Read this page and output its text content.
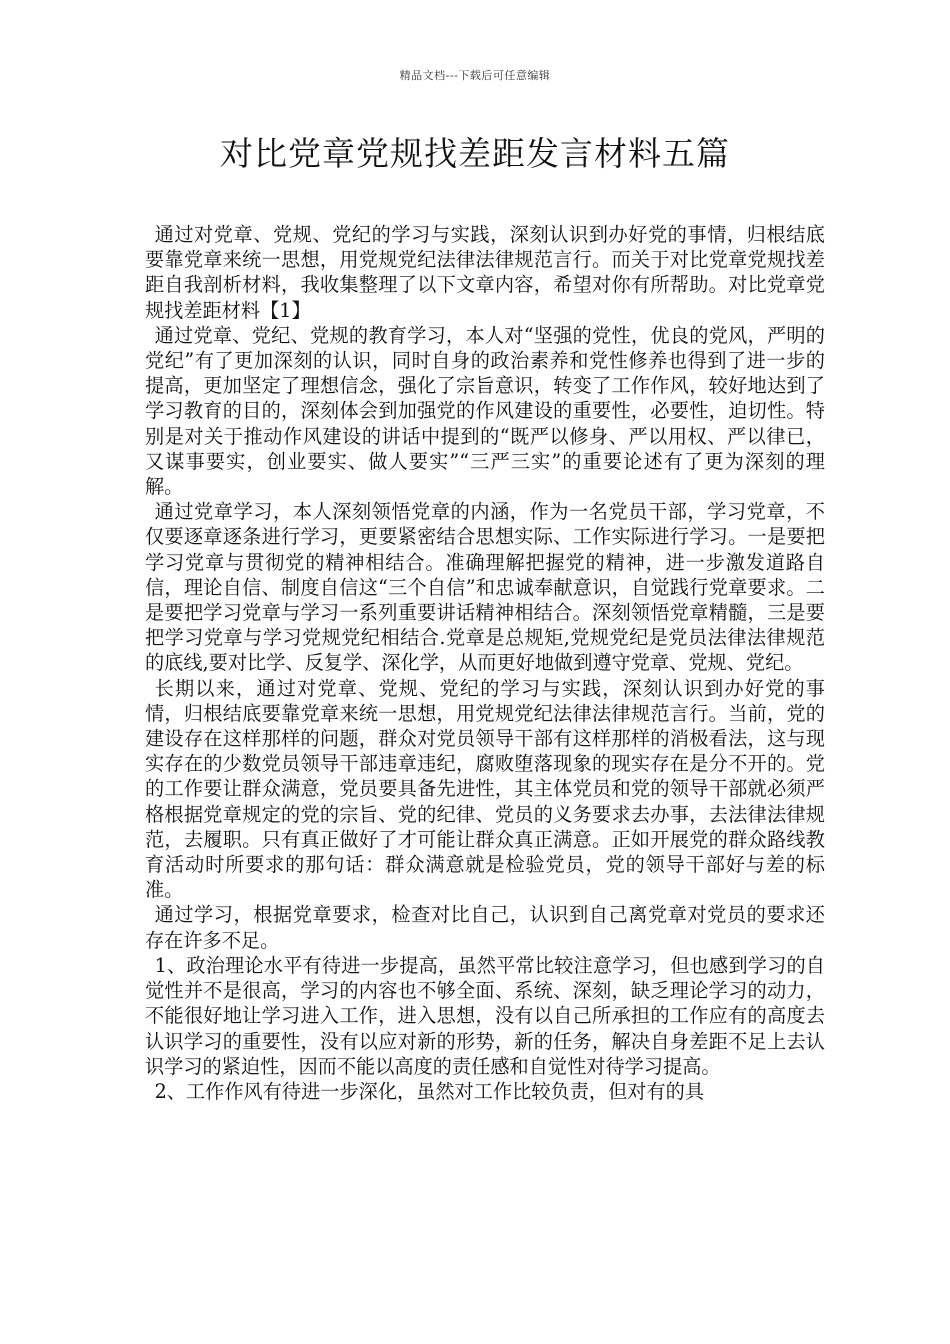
精品文档---下载后可任意编辑
对比党章党规找差距发言材料五篇

通过对党章、党规、党纪的学习与实践，深刻认识到办好党的事情，归根结底要靠党章来统一思想，用党规党纪法律法律规范言行。而关于对比党章党规找差距自我剖析材料，我收集整理了以下文章内容，希望对你有所帮助。对比党章党规找差距材料【1】

通过党章、党纪、党规的教育学习，本人对“坚强的党性，优良的党风，严明的党纪”有了更加深刻的认识，同时自身的政治素养和党性修养也得到了进一步的提高，更加坚定了理想信念，强化了宗旨意识，转变了工作作风，较好地达到了学习教育的目的，深刻体会到加强党的作风建设的重要性，必要性，迫切性。特别是对关于推动作风建设的讲话中提到的“既严以修身、严以用权、严以律已，又谋事要实，创业要实、做人要实”“三严三实”的重要论述有了更为深刻的理解。

通过党章学习，本人深刻领悟党章的内涵，作为一名党员干部，学习党章，不仅要逐章逐条进行学习，更要紧密结合思想实际、工作实际进行学习。一是要把学习党章与贯彻党的精神相结合。准确理解把握党的精神，进一步激发道路自信，理论自信、制度自信这“三个自信”和忠诚奉献意识，自觉践行党章要求。二是要把学习党章与学习一系列重要讲话精神相结合。深刻领悟党章精髓，三是要把学习党章与学习党规党纪相结合.党章是总规矩,党规党纪是党员法律法律规范的底线,要对比学、反复学、深化学，从而更好地做到遵守党章、党规、党纪。

长期以来，通过对党章、党规、党纪的学习与实践，深刻认识到办好党的事情，归根结底要靠党章来统一思想，用党规党纪法律法律规范言行。当前，党的建设存在这样那样的问题，群众对党员领导干部有这样那样的消极看法，这与现实存在的少数党员领导干部违章违纪，腐败堕落现象的现实存在是分不开的。党的工作要让群众满意，党员要具备先进性，其主体党员和党的领导干部就必须严格根据党章规定的党的宗旨、党的纪律、党员的义务要求去办事，去法律法律规范，去履职。只有真正做好了才可能让群众真正满意。正如开展党的群众路线教育活动时所要求的那句话：群众满意就是检验党员，党的领导干部好与差的标准。

通过学习，根据党章要求，检查对比自己，认识到自己离党章对党员的要求还存在许多不足。

1、政治理论水平有待进一步提高，虽然平常比较注意学习，但也感到学习的自觉性并不是很高，学习的内容也不够全面、系统、深刻，缺乏理论学习的动力，不能很好地让学习进入工作，进入思想，没有以自己所承担的工作应有的高度去认识学习的重要性，没有以应对新的形势，新的任务，解决自身差距不足上去认识学习的紧迫性，因而不能以高度的责任感和自觉性对待学习提高。

2、工作作风有待进一步深化，虽然对工作比较负责，但对有的具
